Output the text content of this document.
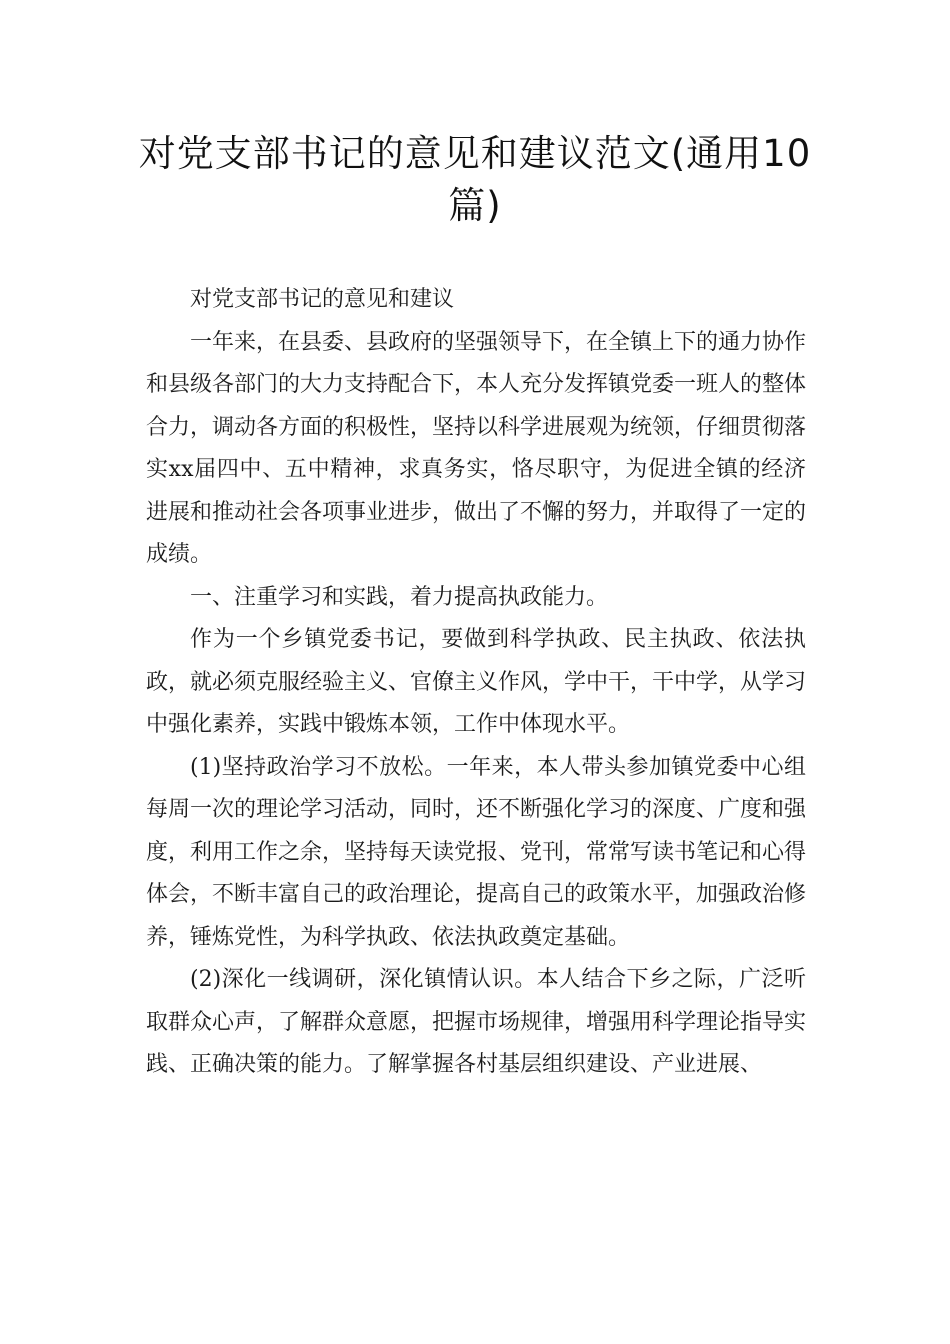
对党支部书记的意见和建议范文(通用10篇)

对党支部书记的意见和建议

一年来，在县委、县政府的坚强领导下，在全镇上下的通力协作和县级各部门的大力支持配合下，本人充分发挥镇党委一班人的整体合力，调动各方面的积极性，坚持以科学进展观为统领，仔细贯彻落实xx届四中、五中精神，求真务实，恪尽职守，为促进全镇的经济进展和推动社会各项事业进步，做出了不懈的努力，并取得了一定的成绩。

一、注重学习和实践，着力提高执政能力。

作为一个乡镇党委书记，要做到科学执政、民主执政、依法执政，就必须克服经验主义、官僚主义作风，学中干，干中学，从学习中强化素养，实践中锻炼本领，工作中体现水平。

(1)坚持政治学习不放松。一年来，本人带头参加镇党委中心组每周一次的理论学习活动，同时，还不断强化学习的深度、广度和强度，利用工作之余，坚持每天读党报、党刊，常常写读书笔记和心得体会，不断丰富自己的政治理论，提高自己的政策水平，加强政治修养，锤炼党性，为科学执政、依法执政奠定基础。

(2)深化一线调研，深化镇情认识。本人结合下乡之际，广泛听取群众心声，了解群众意愿，把握市场规律，增强用科学理论指导实践、正确决策的能力。了解掌握各村基层组织建设、产业进展、
